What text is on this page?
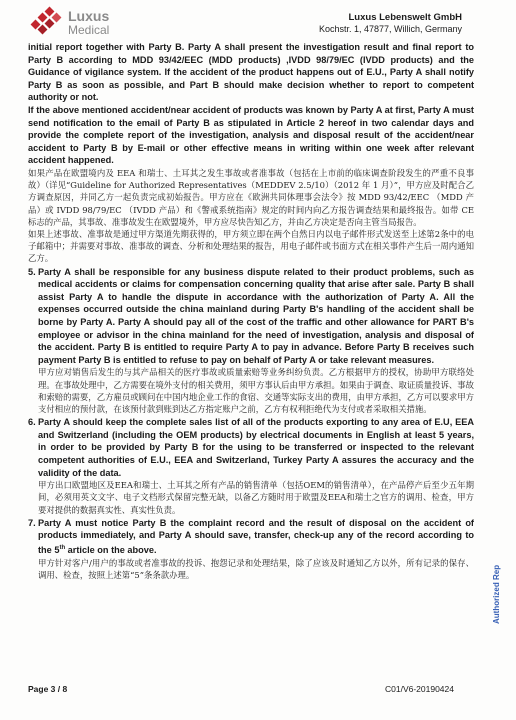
Luxus
Medical
Luxus Lebenswelt GmbH
Kochstr. 1, 47877, Willich, Germany

initial report together with Party B. Party A shall present the investigation result and final report to Party B according to MDD 93/42/EEC (MDD products) ,IVDD 98/79/EC (IVDD products) and the Guidance of vigilance system. If the accident of the product happens out of E.U., Party A shall notify Party B as soon as possible, and Part B should make decision whether to report to competent authority or not.

If the above mentioned accident/near accident of products was known by Party A at first, Party A must send notification to the email of Party B as stipulated in Article 2 hereof in two calendar days and provide the complete report of the investigation, analysis and disposal result of the accident/near accident to Party B by E-mail or other effective means in writing within one week after relevant accident happened.

如果产品在欧盟境内及 EEA 和瑞士、土耳其之发生事故或者准事故（包括在上市前的临床调查阶段发生的严重不良事故）（详见“Guideline for Authorized Representatives（MEDDEV 2.5/10）（2012 年 1 月）”，甲方应及时配合乙方调查原因，并同乙方一起负责完成初始报告。甲方应在《欧洲共同体理事会法令》按 MDD 93/42/EEC （MDD 产品）或 IVDD 98/79/EC （IVDD 产品）和《警戒系统指南》规定的时间内向乙方报告调查结果和最终报告。如带 CE 标志的产品，其事故、准事故发生在欧盟境外，甲方应尽快告知乙方，并由乙方决定是否向主管当局报告。

如果上述事故、准事故是通过甲方渠道先期获得的，甲方须立即在两个自然日内以电子邮件形式发送至上述第2条中的电子邮箱中；并需要对事故、准事故的调查、分析和处理结果的报告，用电子邮件或书面方式在相关事件产生后一周内通知乙方。

5. Party A shall be responsible for any business dispute related to their product problems, such as medical accidents or claims for compensation concerning quality that arise after sale. Party B shall assist Party A to handle the dispute in accordance with the authorization of Party A. All the expenses occurred outside the china mainland during Party B's handling of the accident shall be borne by Party A. Party A should pay all of the cost of the traffic and other allowance for PART B's employee or advisor in the china mainland for the need of investigation, analysis and disposal of the accident. Party B is entitled to require Party A to pay in advance. Before Party B receives such payment Party B is entitled to refuse to pay on behalf of Party A or take relevant measures.

甲方应对销售后发生的与其产品相关的医疗事故或质量索赔等业务纠纷负责。乙方根据甲方的授权，协助甲方联络处理。在事故处理中，乙方需要在境外支付的相关费用，须甲方事认后由甲方承担。如果由于调查、取证质量投诉、事故和索赔的需要，乙方雇员或顾问在中国内地企业工作的食宿、交通等实际支出的费用，由甲方承担，乙方可以要求甲方支付相应的预付款，在该预付款到账到达乙方指定账户之前，乙方有权利拒绝代为支付或者采取相关措施。

6. Party A should keep the complete sales list of all of the products exporting to any area of E.U, EEA and Switzerland (including the OEM products) by electrical documents in English at least 5 years, in order to be provided by Party B for the using to be transferred or inspected to the relevant competent authorities of E.U., EEA and Switzerland, Turkey Party A assures the accuracy and the validity of the data.

甲方出口欧盟地区及EEA和瑞士、土耳其之所有产品的销售清单（包括OEM的销售清单），在产品停产后至少五年期间，必须用英文文字、电子文档形式保留完整无缺，以备乙方随时用于欧盟及EEA和瑞士之官方的调用、检查，甲方要对提供的数据真实性、真实性负责。

7. Party A must notice Party B the complaint record and the result of disposal on the accident of products immediately, and Party A should save, transfer, check-up any of the record according to the 5th article on the above.

甲方针对客户/用户的事故或者准事故的投诉、抱怨记录和处理结果，除了应该及时通知乙方以外，所有记录的保存、调用、检查，按照上述第“5”条条款办理。	Authorized Rep
Page 3 / 8	C01/V6-20190424
